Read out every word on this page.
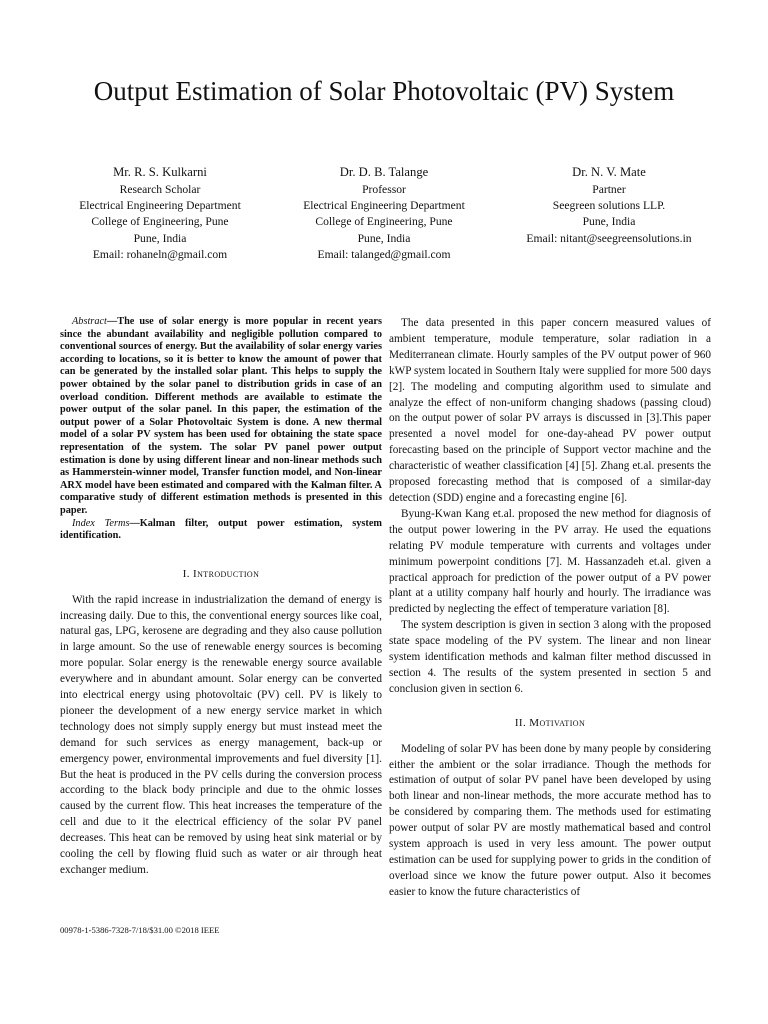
Output Estimation of Solar Photovoltaic (PV) System
Mr. R. S. Kulkarni
Research Scholar
Electrical Engineering Department
College of Engineering, Pune
Pune, India
Email: rohaneln@gmail.com
Dr. D. B. Talange
Professor
Electrical Engineering Department
College of Engineering, Pune
Pune, India
Email: talanged@gmail.com
Dr. N. V. Mate
Partner
Seegreen solutions LLP.
Pune, India
Email: nitant@seegreensolutions.in

Abstract—The use of solar energy is more popular in recent years since the abundant availability and negligible pollution compared to conventional sources of energy. But the availability of solar energy varies according to locations, so it is better to know the amount of power that can be generated by the installed solar plant. This helps to supply the power obtained by the solar panel to distribution grids in case of an overload condition. Different methods are available to estimate the power output of the solar panel. In this paper, the estimation of the output power of a Solar Photovoltaic System is done. A new thermal model of a solar PV system has been used for obtaining the state space representation of the system. The solar PV panel power output estimation is done by using different linear and non-linear methods such as Hammerstein-winner model, Transfer function model, and Non-linear ARX model have been estimated and compared with the Kalman filter. A comparative study of different estimation methods is presented in this paper.

Index Terms—Kalman filter, output power estimation, system identification.

I. Introduction

With the rapid increase in industrialization the demand of energy is increasing daily. Due to this, the conventional energy sources like coal, natural gas, LPG, kerosene are degrading and they also cause pollution in large amount. So the use of renewable energy sources is becoming more popular. Solar energy is the renewable energy source available everywhere and in abundant amount. Solar energy can be converted into electrical energy using photovoltaic (PV) cell. PV is likely to pioneer the development of a new energy service market in which technology does not simply supply energy but must instead meet the demand for such services as energy management, back-up or emergency power, environmental improvements and fuel diversity [1]. But the heat is produced in the PV cells during the conversion process according to the black body principle and due to the ohmic losses caused by the current flow. This heat increases the temperature of the cell and due to it the electrical efficiency of the solar PV panel decreases. This heat can be removed by using heat sink material or by cooling the cell by flowing fluid such as water or air through heat exchanger medium.

The data presented in this paper concern measured values of ambient temperature, module temperature, solar radiation in a Mediterranean climate. Hourly samples of the PV output power of 960 kWP system located in Southern Italy were supplied for more 500 days [2]. The modeling and computing algorithm used to simulate and analyze the effect of non-uniform changing shadows (passing cloud) on the output power of solar PV arrays is discussed in [3].This paper presented a novel model for one-day-ahead PV power output forecasting based on the principle of Support vector machine and the characteristic of weather classification [4] [5]. Zhang et.al. presents the proposed forecasting method that is composed of a similar-day detection (SDD) engine and a forecasting engine [6].

Byung-Kwan Kang et.al. proposed the new method for diagnosis of the output power lowering in the PV array. He used the equations relating PV module temperature with currents and voltages under minimum powerpoint conditions [7]. M. Hassanzadeh et.al. given a practical approach for prediction of the power output of a PV power plant at a utility company half hourly and hourly. The irradiance was predicted by neglecting the effect of temperature variation [8].

The system description is given in section 3 along with the proposed state space modeling of the PV system. The linear and non linear system identification methods and kalman filter method discussed in section 4. The results of the system presented in section 5 and conclusion given in section 6.

II. Motivation

Modeling of solar PV has been done by many people by considering either the ambient or the solar irradiance. Though the methods for estimation of output of solar PV panel have been developed by using both linear and non-linear methods, the more accurate method has to be considered by comparing them. The methods used for estimating power output of solar PV are mostly mathematical based and control system approach is used in very less amount. The power output estimation can be used for supplying power to grids in the condition of overload since we know the future power output. Also it becomes easier to know the future characteristics of

00978-1-5386-7328-7/18/$31.00 ©2018 IEEE
